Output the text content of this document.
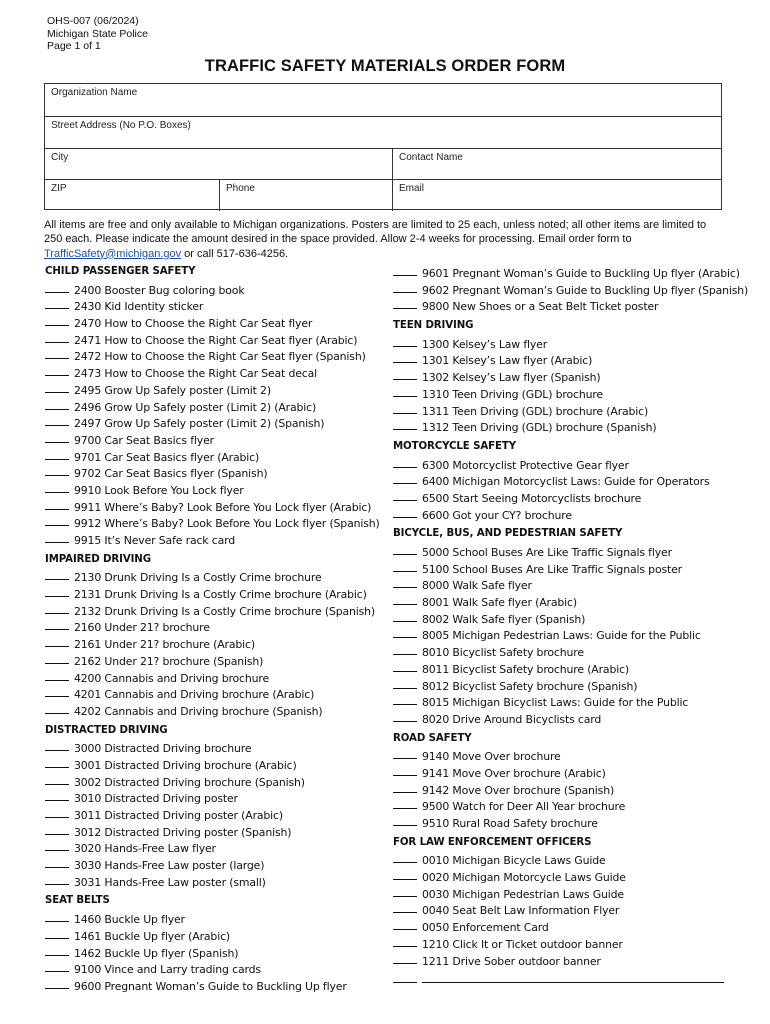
OHS-007 (06/2024)
Michigan State Police
Page 1 of 1
TRAFFIC SAFETY MATERIALS ORDER FORM
Organization Name
Street Address (No P.O. Boxes)
City	Contact Name
ZIP	Phone	Email
All items are free and only available to Michigan organizations. Posters are limited to 25 each, unless noted; all other items are limited to 250 each. Please indicate the amount desired in the space provided. Allow 2-4 weeks for processing. Email order form to TrafficSafety@michigan.gov or call 517-636-4256.
CHILD PASSENGER SAFETY
2400 Booster Bug coloring book
2430 Kid Identity sticker
2470 How to Choose the Right Car Seat flyer
2471 How to Choose the Right Car Seat flyer (Arabic)
2472 How to Choose the Right Car Seat flyer (Spanish)
2473 How to Choose the Right Car Seat decal
2495 Grow Up Safely poster (Limit 2)
2496 Grow Up Safely poster (Limit 2) (Arabic)
2497 Grow Up Safely poster (Limit 2) (Spanish)
9700 Car Seat Basics flyer
9701 Car Seat Basics flyer (Arabic)
9702 Car Seat Basics flyer (Spanish)
9910 Look Before You Lock flyer
9911 Where’s Baby? Look Before You Lock flyer (Arabic)
9912 Where’s Baby? Look Before You Lock flyer (Spanish)
9915 It’s Never Safe rack card
IMPAIRED DRIVING
2130 Drunk Driving Is a Costly Crime brochure
2131 Drunk Driving Is a Costly Crime brochure (Arabic)
2132 Drunk Driving Is a Costly Crime brochure (Spanish)
2160 Under 21? brochure
2161 Under 21? brochure (Arabic)
2162 Under 21? brochure (Spanish)
4200 Cannabis and Driving brochure
4201 Cannabis and Driving brochure (Arabic)
4202 Cannabis and Driving brochure (Spanish)
DISTRACTED DRIVING
3000 Distracted Driving brochure
3001 Distracted Driving brochure (Arabic)
3002 Distracted Driving brochure (Spanish)
3010 Distracted Driving poster
3011 Distracted Driving poster (Arabic)
3012 Distracted Driving poster (Spanish)
3020 Hands-Free Law flyer
3030 Hands-Free Law poster (large)
3031 Hands-Free Law poster (small)
SEAT BELTS
1460 Buckle Up flyer
1461 Buckle Up flyer (Arabic)
1462 Buckle Up flyer (Spanish)
9100 Vince and Larry trading cards
9600 Pregnant Woman’s Guide to Buckling Up flyer
9601 Pregnant Woman’s Guide to Buckling Up flyer (Arabic)
9602 Pregnant Woman’s Guide to Buckling Up flyer (Spanish)
9800 New Shoes or a Seat Belt Ticket poster
TEEN DRIVING
1300 Kelsey’s Law flyer
1301 Kelsey’s Law flyer (Arabic)
1302 Kelsey’s Law flyer (Spanish)
1310 Teen Driving (GDL) brochure
1311 Teen Driving (GDL) brochure (Arabic)
1312 Teen Driving (GDL) brochure (Spanish)
MOTORCYCLE SAFETY
6300 Motorcyclist Protective Gear flyer
6400 Michigan Motorcyclist Laws: Guide for Operators
6500 Start Seeing Motorcyclists brochure
6600 Got your CY? brochure
BICYCLE, BUS, AND PEDESTRIAN SAFETY
5000 School Buses Are Like Traffic Signals flyer
5100 School Buses Are Like Traffic Signals poster
8000 Walk Safe flyer
8001 Walk Safe flyer (Arabic)
8002 Walk Safe flyer (Spanish)
8005 Michigan Pedestrian Laws: Guide for the Public
8010 Bicyclist Safety brochure
8011 Bicyclist Safety brochure (Arabic)
8012 Bicyclist Safety brochure (Spanish)
8015 Michigan Bicyclist Laws: Guide for the Public
8020 Drive Around Bicyclists card
ROAD SAFETY
9140 Move Over brochure
9141 Move Over brochure (Arabic)
9142 Move Over brochure (Spanish)
9500 Watch for Deer All Year brochure
9510 Rural Road Safety brochure
FOR LAW ENFORCEMENT OFFICERS
0010 Michigan Bicycle Laws Guide
0020 Michigan Motorcycle Laws Guide
0030 Michigan Pedestrian Laws Guide
0040 Seat Belt Law Information Flyer
0050 Enforcement Card
1210 Click It or Ticket outdoor banner
1211 Drive Sober outdoor banner
